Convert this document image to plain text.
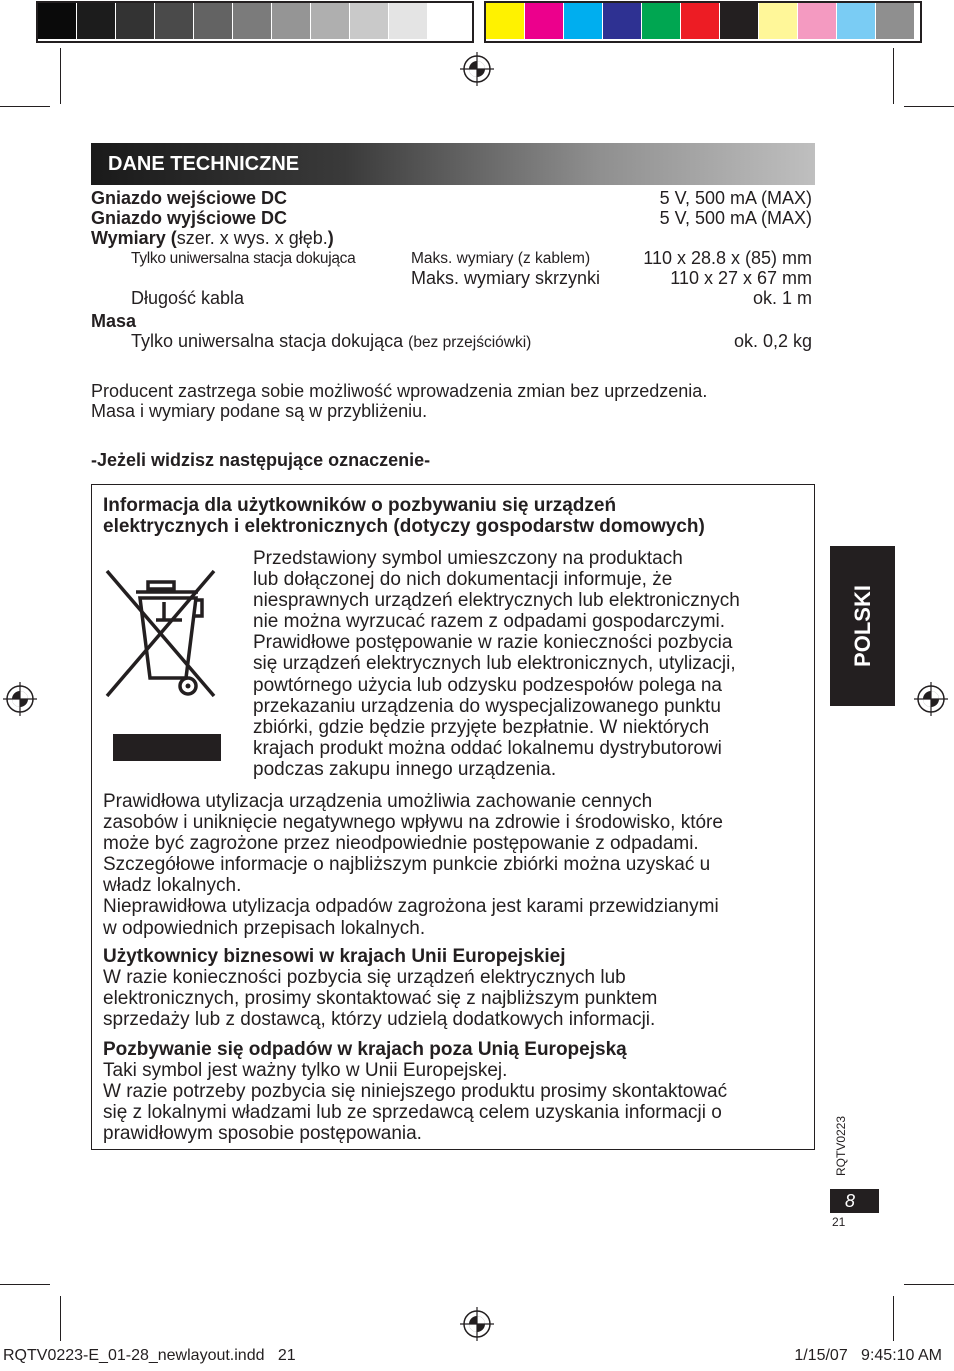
DANE TECHNICZNE
Gniazdo wejściowe DC	5 V, 500 mA (MAX)
Gniazdo wyjściowe DC	5 V, 500 mA (MAX)
Wymiary (szer. x wys. x głęb.)
Tylko uniwersalna stacja dokująca	Maks. wymiary (z kablem)	110 x 28.8 x (85) mm
Maks. wymiary skrzynki	110 x 27 x 67 mm
Długość kabla	ok. 1 m
Masa
Tylko uniwersalna stacja dokująca (bez przejściówki)	ok. 0,2 kg
Producent zastrzega sobie możliwość wprowadzenia zmian bez uprzedzenia.
Masa i wymiary podane są w przybliżeniu.
-Jeżeli widzisz następujące oznaczenie-
Informacja dla użytkowników o pozbywaniu się urządzeń
elektrycznych i elektronicznych (dotyczy gospodarstw domowych)
Przedstawiony symbol umieszczony na produktach
lub dołączonej do nich dokumentacji informuje, że
niesprawnych urządzeń elektrycznych lub elektronicznych
nie można wyrzucać razem z odpadami gospodarczymi.
Prawidłowe postępowanie w razie konieczności pozbycia
się urządzeń elektrycznych lub elektronicznych, utylizacji,
powtórnego użycia lub odzysku podzespołów polega na
przekazaniu urządzenia do wyspecjalizowanego punktu
zbiórki, gdzie będzie przyjęte bezpłatnie. W niektórych
krajach produkt można oddać lokalnemu dystrybutorowi
podczas zakupu innego urządzenia.
Prawidłowa utylizacja urządzenia umożliwia zachowanie cennych
zasobów i uniknięcie negatywnego wpływu na zdrowie i środowisko, które
może być zagrożone przez nieodpowiednie postępowanie z odpadami.
Szczegółowe informacje o najbliższym punkcie zbiórki można uzyskać u
władz lokalnych.
Nieprawidłowa utylizacja odpadów zagrożona jest karami przewidzianymi
w odpowiednich przepisach lokalnych.
Użytkownicy biznesowi w krajach Unii Europejskiej
W razie konieczności pozbycia się urządzeń elektrycznych lub
elektronicznych, prosimy skontaktować się z najbliższym punktem
sprzedaży lub z dostawcą, którzy udzielą dodatkowych informacji.
Pozbywanie się odpadów w krajach poza Unią Europejską
Taki symbol jest ważny tylko w Unii Europejskej.
W razie potrzeby pozbycia się niniejszego produktu prosimy skontaktować
się z lokalnymi władzami lub ze sprzedawcą celem uzyskania informacji o
prawidłowym sposobie postępowania.
POLSKI
RQTV0223
8
21
RQTV0223-E_01-28_newlayout.indd   21	1/15/07   9:45:10 AM
